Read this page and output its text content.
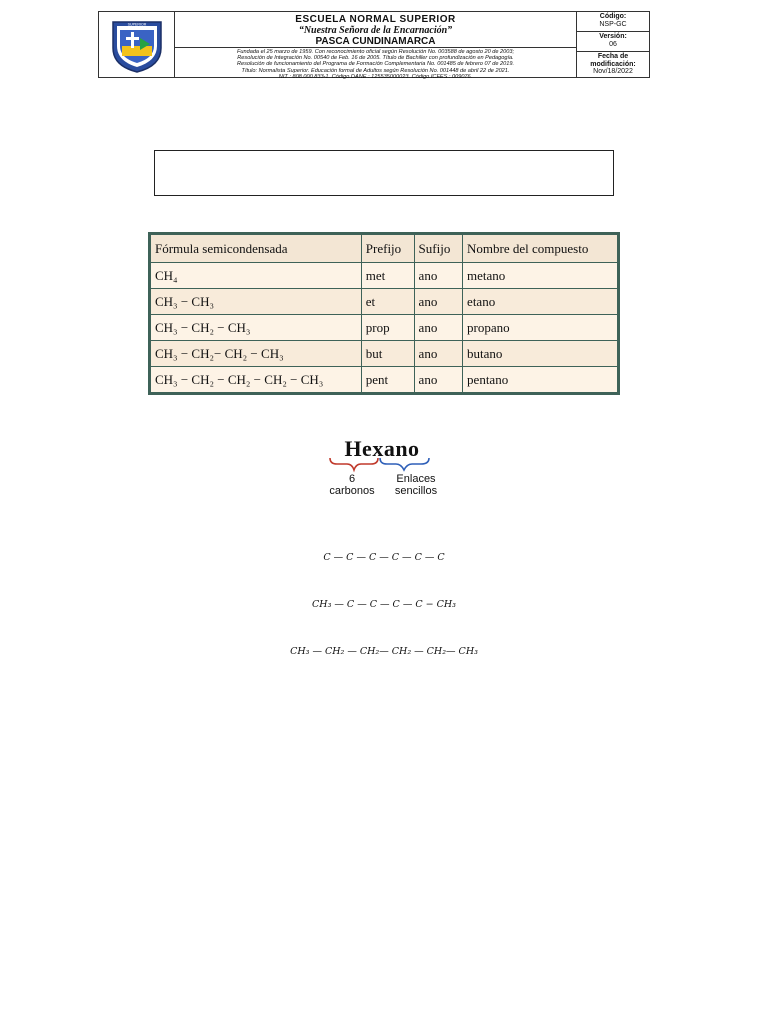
SUPERIOR	ESCUELA NORMAL SUPERIOR
“Nuestra Señora de la Encarnación”
PASCA CUNDINAMARCA
Fundada el 25 marzo de 1959. Con reconocimiento oficial según Resolución No. 003588 de agosto 20 de 2003;
Resolución de Integración No. 00540 de Feb. 16 de 2005. Título de Bachiller con profundización en Pedagogía.
Resolución de funcionamiento del Programa de Formación Complementaria No. 001485 de febrero 07 de 2019.
Título: Normalista Superior. Educación formal de Adultos según Resolución No. 001448 de abril 22 de 2021.
NIT : 808.000.833-1. Código DANE : 125535000023. Código ICFES : 009076.
Código:
NSP-GC
Versión:
06
Fecha de modificación:
Nov/18/2022
Fórmula semicondensada	Prefijo	Sufijo	Nombre del compuesto
CH₄	met	ano	metano
CH₃ − CH₃	et	ano	etano
CH₃ − CH₂ − CH₃	prop	ano	propano
CH₃ − CH₂− CH₂ − CH₃	but	ano	butano
CH₃ − CH₂ − CH₂ − CH₂ − CH₃	pent	ano	pentano
Hexano
6
carbonos
Enlaces
sencillos
C — C — C — C — C — C
CH₃ — C — C — C — C − CH₃
CH₃ — CH₂ — CH₂— CH₂ — CH₂— CH₃
